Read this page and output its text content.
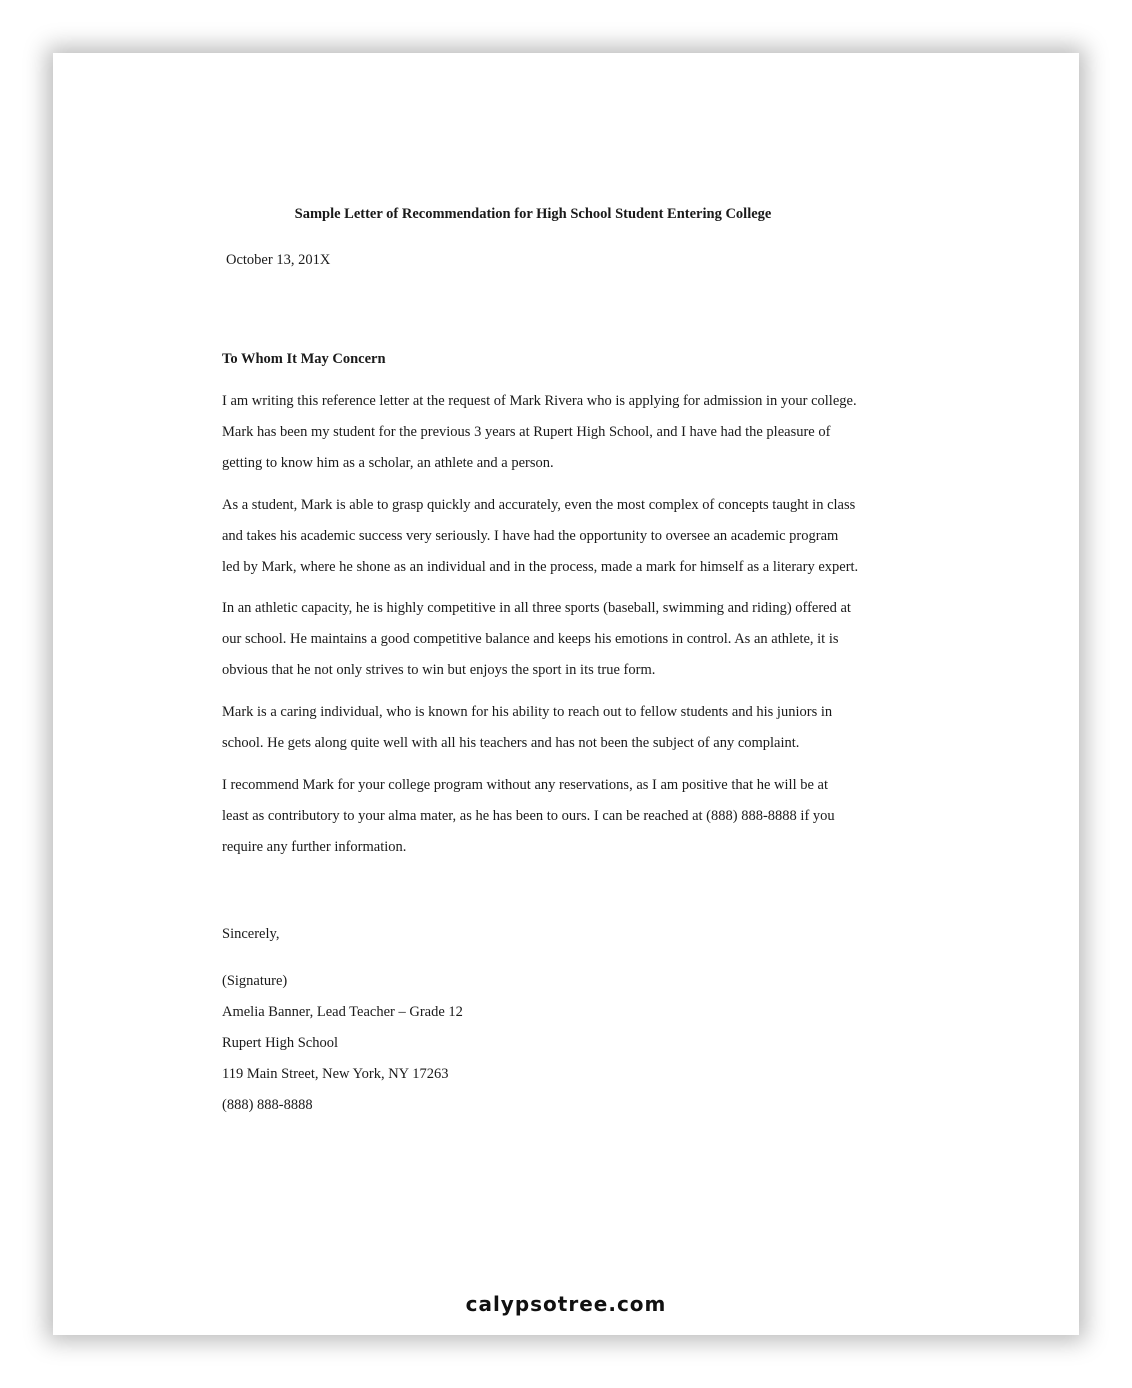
Sample Letter of Recommendation for High School Student Entering College

October 13, 201X

To Whom It May Concern

I am writing this reference letter at the request of Mark Rivera who is applying for admission in your college.
Mark has been my student for the previous 3 years at Rupert High School, and I have had the pleasure of
getting to know him as a scholar, an athlete and a person.

As a student, Mark is able to grasp quickly and accurately, even the most complex of concepts taught in class
and takes his academic success very seriously. I have had the opportunity to oversee an academic program
led by Mark, where he shone as an individual and in the process, made a mark for himself as a literary expert.

In an athletic capacity, he is highly competitive in all three sports (baseball, swimming and riding) offered at
our school. He maintains a good competitive balance and keeps his emotions in control. As an athlete, it is
obvious that he not only strives to win but enjoys the sport in its true form.

Mark is a caring individual, who is known for his ability to reach out to fellow students and his juniors in
school. He gets along quite well with all his teachers and has not been the subject of any complaint.

I recommend Mark for your college program without any reservations, as I am positive that he will be at
least as contributory to your alma mater, as he has been to ours. I can be reached at (888) 888-8888 if you
require any further information.

Sincerely,

(Signature)
Amelia Banner, Lead Teacher – Grade 12
Rupert High School
119 Main Street, New York, NY 17263
(888) 888-8888

calypsotree.com
